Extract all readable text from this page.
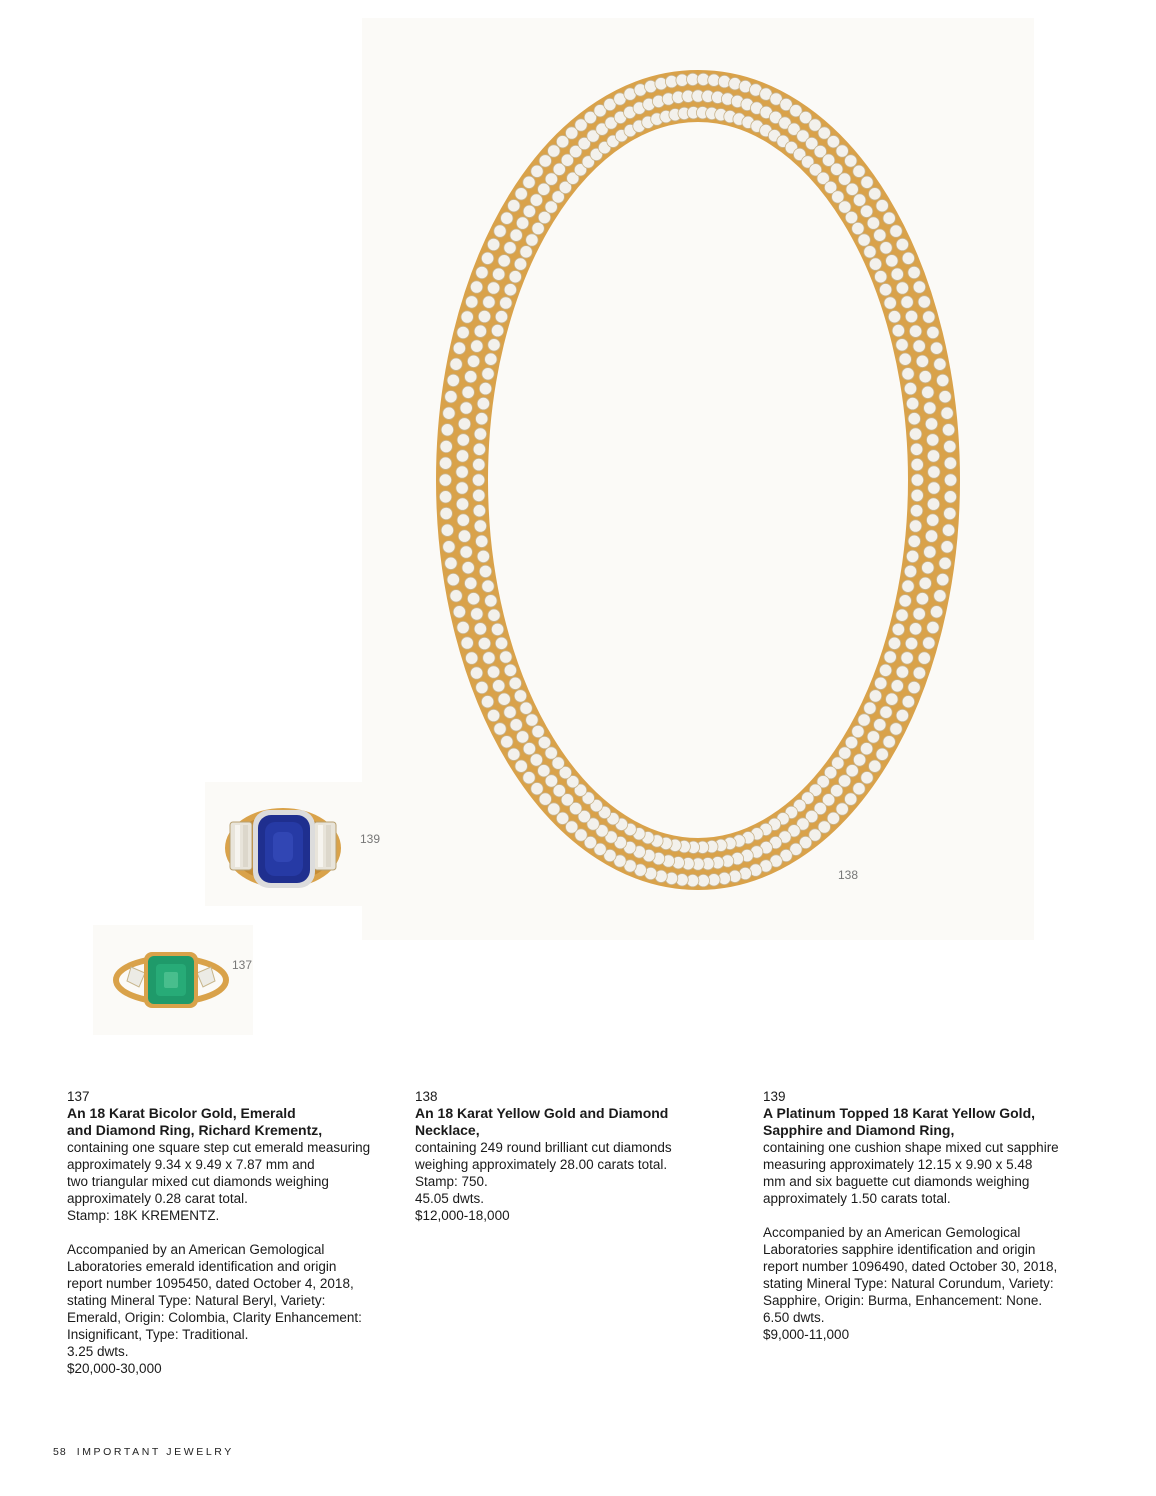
139
138
137

137

An 18 Karat Bicolor Gold, Emerald

and Diamond Ring, Richard Krementz,

containing one square step cut emerald measuring

approximately 9.34 x 9.49 x 7.87 mm and

two triangular mixed cut diamonds weighing

approximately 0.28 carat total.

Stamp: 18K KREMENTZ.

Accompanied by an American Gemological

Laboratories emerald identification and origin

report number 1095450, dated October 4, 2018,

stating Mineral Type: Natural Beryl, Variety:

Emerald, Origin: Colombia, Clarity Enhancement:

Insignificant, Type: Traditional.

3.25 dwts.

$20,000-30,000

138

An 18 Karat Yellow Gold and Diamond

Necklace,

containing 249 round brilliant cut diamonds

weighing approximately 28.00 carats total.

Stamp: 750.

45.05 dwts.

$12,000-18,000

139

A Platinum Topped 18 Karat Yellow Gold,

Sapphire and Diamond Ring,

containing one cushion shape mixed cut sapphire

measuring approximately 12.15 x 9.90 x 5.48

mm and six baguette cut diamonds weighing

approximately 1.50 carats total.

Accompanied by an American Gemological

Laboratories sapphire identification and origin

report number 1096490, dated October 30, 2018,

stating Mineral Type: Natural Corundum, Variety:

Sapphire, Origin: Burma, Enhancement: None.

6.50 dwts.

$9,000-11,000

58 IMPORTANT JEWELRY
